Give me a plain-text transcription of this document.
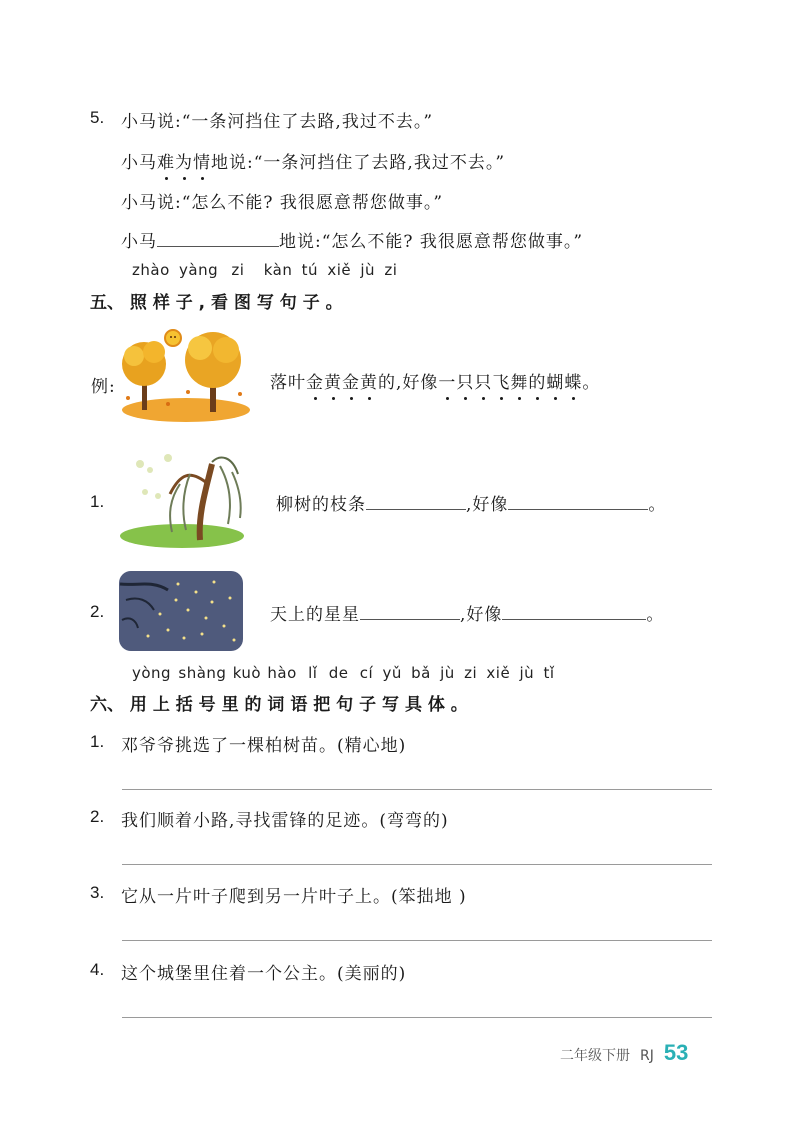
5. 小马说:“一条河挡住了去路,我过不去。”
小马难为情地说:“一条河挡住了去路,我过不去。”
小马说:“怎么不能? 我很愿意帮您做事。”
小马	地说:“怎么不能? 我很愿意帮您做事。”
zhào yàng zi kàn tú xiě jù zi
五、 照 样 子 , 看 图 写 句 子 。
例:	落叶金黄金黄的,好像一只只飞舞的蝴蝶。
1.	柳树的枝条	,好像	。
2.	天上的星星	,好像	。
yòng shàng kuò hào lǐ de cí yǔ bǎ jù zi xiě jù tǐ
六、 用 上 括 号 里 的 词 语 把 句 子 写 具 体 。
1. 邓爷爷挑选了一棵柏树苗。(精心地)
2. 我们顺着小路,寻找雷锋的足迹。(弯弯的)
3. 它从一片叶子爬到另一片叶子上。(笨拙地 )
4. 这个城堡里住着一个公主。(美丽的)
二年级下册 RJ 53
